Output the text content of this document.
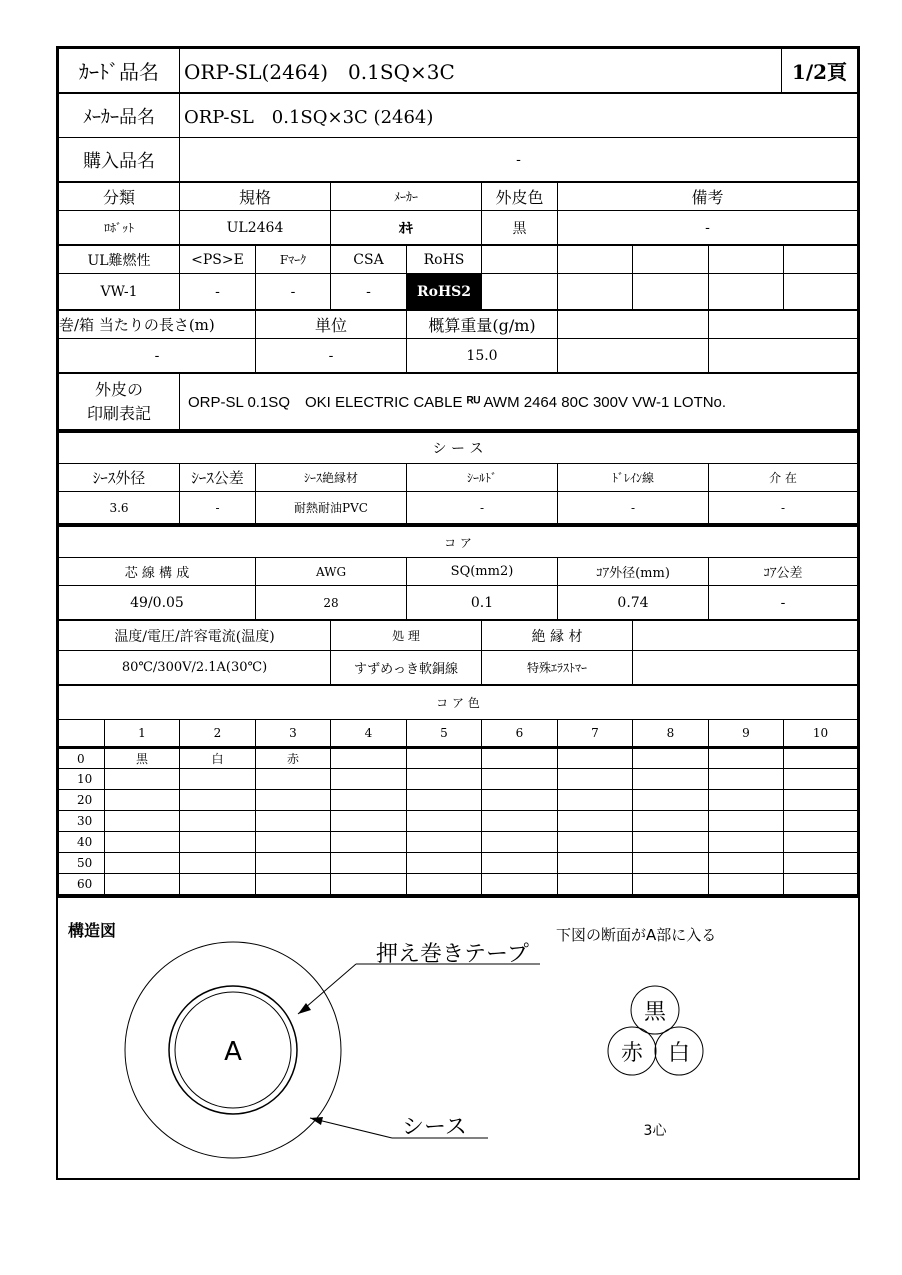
ｶｰﾄﾞ品名	ORP-SL(2464)　0.1SQ×3C	1/2頁
ﾒｰｶｰ品名	ORP-SL　0.1SQ×3C (2464)
購入品名	-
分類	規格	ﾒｰｶｰ	外皮色	備考
ﾛﾎﾞｯﾄ	UL2464	ｵｷ	黒	-
UL難燃性	<PS>E	Fﾏｰｸ	CSA	RoHS					
VW-1	-	-	-	RoHS2					
巻/箱 当たりの長さ(m)	単位	概算重量(g/m)		
-	-	15.0		
外皮の
印刷表記
	ORP-SL 0.1SQ　OKI ELECTRIC CABLE ᴿᵁ AWM 2464 80C 300V VW-1 LOTNo.
シ ー ス					
ｼｰｽ外径	ｼｰｽ公差	ｼｰｽ絶縁材	ｼｰﾙﾄﾞ	ﾄﾞﾚｲﾝ線	介 在
3.6	-	耐熱耐油PVC	-	-	-
コ ア				
芯 線 構 成	AWG	SQ(mm2)	ｺｱ外径(mm)	ｺｱ公差
49/0.05	28	0.1	0.74	-
温度/電圧/許容電流(温度)	処 理	絶 縁 材	
80℃/300V/2.1A(30℃)	すずめっき軟銅線	特殊ｴﾗｽﾄﾏｰ	
コ ア 色										
	1	2	3	4	5	6	7	8	9	10
0	黒	白	赤							
10										
20										
30										
40										
50										
60										
構造図
A
押え巻きテープ
シース
下図の断面がA部に入る
黒
赤 白
3心
